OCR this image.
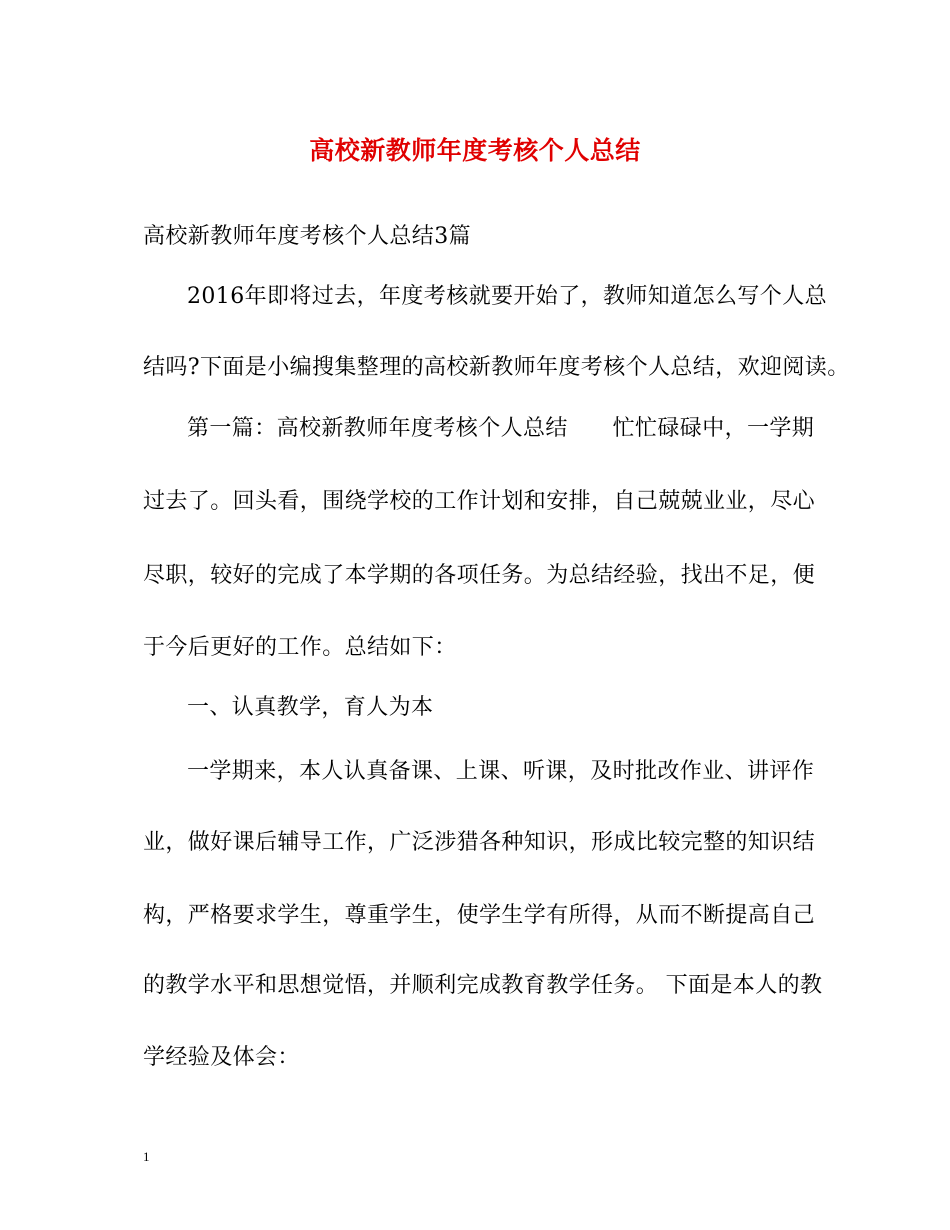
高校新教师年度考核个人总结
高校新教师年度考核个人总结3篇
2016年即将过去，年度考核就要开始了，教师知道怎么写个人总
结吗?下面是小编搜集整理的高校新教师年度考核个人总结，欢迎阅读。
第一篇：高校新教师年度考核个人总结　　忙忙碌碌中，一学期
过去了。回头看，围绕学校的工作计划和安排，自己兢兢业业，尽心
尽职，较好的完成了本学期的各项任务。为总结经验，找出不足，便
于今后更好的工作。总结如下：
一、认真教学，育人为本
一学期来，本人认真备课、上课、听课，及时批改作业、讲评作
业，做好课后辅导工作，广泛涉猎各种知识，形成比较完整的知识结
构，严格要求学生，尊重学生，使学生学有所得，从而不断提高自己
的教学水平和思想觉悟，并顺利完成教育教学任务。 下面是本人的教
学经验及体会：
1
